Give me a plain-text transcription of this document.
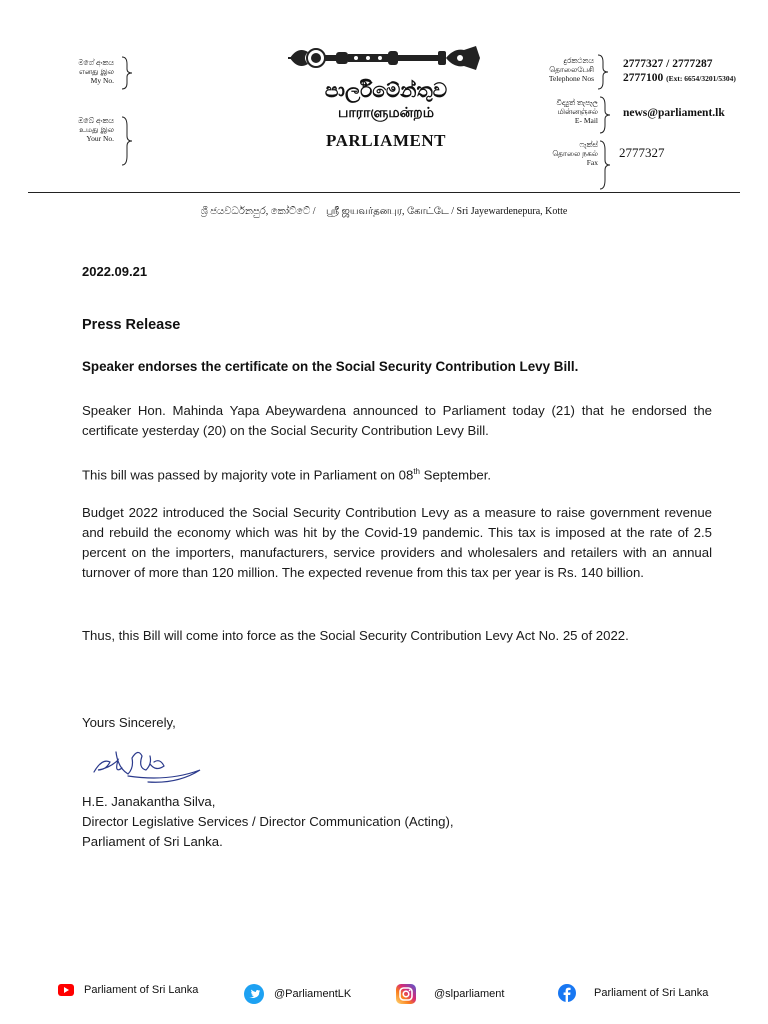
මගේ අංකය
எனது இல
My No.
ඔබේ අංකය
உமது இல
Your No.
පාර්ලිමේන්තුව
பாராளுமன்றம்
PARLIAMENT
දුරකථනය
தொலைபேசி
Telephone Nos
2777327 / 2777287
2777100 (Ext: 6654/3201/5304)
විද්‍යුත් තැපෑල
மின்னஞ்சல்
E- Mail
news@parliament.lk
ෆැක්ස්
தொலை நகல்
Fax
2777327
ශ්‍රී ජයවර්ධනපුර, කෝට්ටේ / ஸ்ரீ ஜயவர்தனபுர, கோட்டே / Sri Jayewardenepura, Kotte
2022.09.21
Press Release
Speaker endorses the certificate on the Social Security Contribution Levy Bill.
Speaker Hon. Mahinda Yapa Abeywardena announced to Parliament today (21) that he endorsed the certificate yesterday (20) on the Social Security Contribution Levy Bill.
This bill was passed by majority vote in Parliament on 08th September.
Budget 2022 introduced the Social Security Contribution Levy as a measure to raise government revenue and rebuild the economy which was hit by the Covid-19 pandemic. This tax is imposed at the rate of 2.5 percent on the importers, manufacturers, service providers and wholesalers and retailers with an annual turnover of more than 120 million. The expected revenue from this tax per year is Rs. 140 billion.
Thus, this Bill will come into force as the Social Security Contribution Levy Act No. 25 of 2022.
Yours Sincerely,
H.E. Janakantha Silva,
Director Legislative Services / Director Communication (Acting),
Parliament of Sri Lanka.
Parliament of Sri Lanka	@ParliamentLK	@slparliament	Parliament of Sri Lanka
